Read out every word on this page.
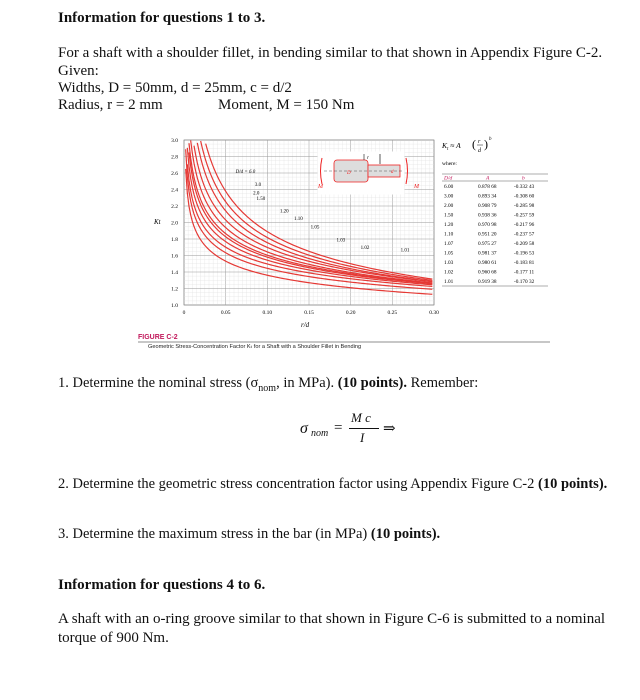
Information for questions 1 to 3.
For a shaft with a shoulder fillet, in bending similar to that shown in Appendix Figure C-2.
Given:
Widths, D = 50mm, d = 25mm, c = d/2
Radius, r = 2 mm	Moment, M = 150 Nm
0	0.05	0.10	0.15	0.20	0.25	0.30
1.0
1.2
1.4
1.6
1.8
2.0
2.2
2.4
2.6
2.8
3.0
D/d = 6.0
3.0
2.0
1.50
1.20
1.10
1.05
1.03
1.02	1.01
Kt
r/d
D	d
r
M	M
$K_t \approx A$ ( r
d ) b
where:
D/d	A	b
6.00	0.878 68	-0.332 43
3.00	0.893 34	-0.308 60
2.00	0.908 79	-0.285 98
1.50	0.938 36	-0.257 59
1.20	0.970 98	-0.217 96
1.10	0.951 20	-0.237 57
1.07	0.975 27	-0.209 58
1.05	0.981 37	-0.196 53
1.03	0.980 61	-0.183 81
1.02	0.960 68	-0.177 11
1.01	0.919 38	-0.170 32
FIGURE C-2
Geometric Stress-Concentration Factor Kₜ for a Shaft with a Shoulder Fillet in Bending
1. Determine the nominal stress ($\sigma_{nom}$, in MPa). (10 points). Remember:
σ nom =
M c
I
⇒
2. Determine the geometric stress concentration factor using Appendix Figure C-2 (10 points).
3. Determine the maximum stress in the bar (in MPa) (10 points).
Information for questions 4 to 6.
A shaft with an o-ring groove similar to that shown in Figure C-6 is submitted to a nominal
torque of 900 Nm.
